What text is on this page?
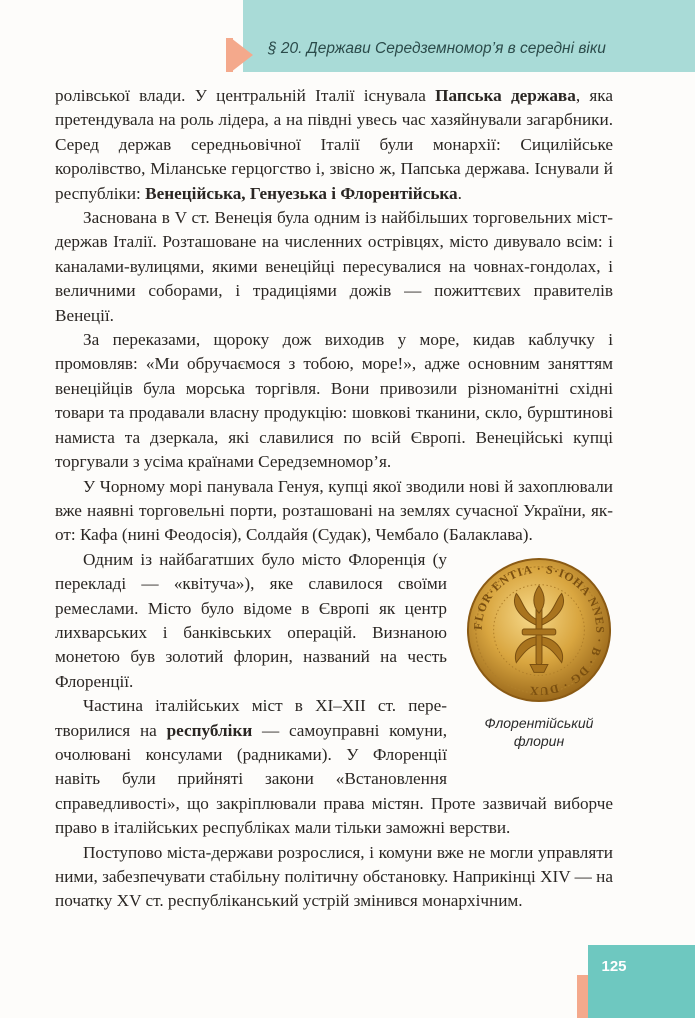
§ 20. Держави Середземномор’я в середні віки

рoлівської влади. У центральній Італії існувала Папська держава, яка претендувала на роль лідера, а на півдні увесь час хазяйнували загарбники. Серед держав середньовічної Італії були монархії: Сицилійське королівство, Міланське герцогство і, звісно ж, Папська держава. Існували й республіки: Венеційська, Генуезька і Флорентійська.

Заснована в V ст. Венеція була одним із найбільших торговельних міст-держав Італії. Розташоване на численних острівцях, місто дивувало всім: і каналами-вулицями, якими венеційці пересувалися на човнах-гондолах, і величними соборами, і традиціями дожів — пожиттєвих правителів Венеції.

За переказами, щороку дож виходив у море, кидав каблучку і промовляв: «Ми обручаємося з тобою, море!», адже основним заняттям венеційців була морська торгівля. Вони привозили різноманітні східні товари та продавали власну продукцію: шовкові тканини, скло, бурштинові намиста та дзеркала, які славилися по всій Європі. Венеційські купці торгували з усіма країнами Середземномор’я.

У Чорному морі панувала Генуя, купці якої зводили нові й захоплювали вже наявні торговельні порти, розташовані на землях сучасної України, як-от: Кафа (нині Феодосія), Солдайя (Судак), Чембало (Балаклава).

FLOR·ENTIA · S·IOHA NNES · B · DG · DUX
Флорентійський
флорин

Одним із найбагатших було місто Флоренція (у перекладі — «квітуча»), яке славилося своїми ремеслами. Місто було відоме в Європі як центр лихварських і банківських операцій. Визнаною монетою був золотий флорин, названий на честь Флоренції.

Частина італійських міст в XI–XII ст. перетворилися на республіки — самоуправні комуни, очолювані консулами (радниками). У Флоренції навіть були прийняті закони «Встановлення справедливості», що закріплювали права містян. Проте зазвичай виборче право в італійських республіках мали тільки заможні верстви.

Поступово міста-держави розрослися, і комуни вже не могли управляти ними, забезпечувати стабільну політичну обстановку. Наприкінці XIV — на початку XV ст. республіканський устрій змінився монархічним.

125
